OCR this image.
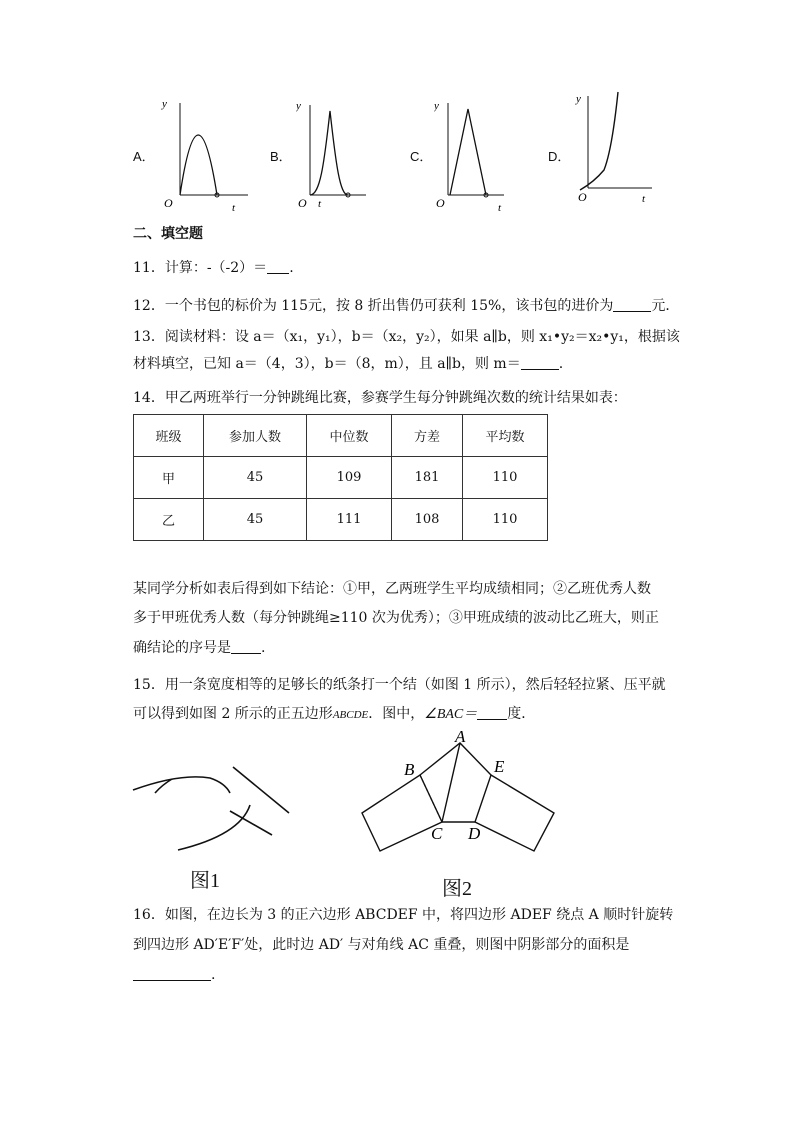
A．	B．	C．	D．
y
O	t
y
O t
y
O	t
y
O	t
二、填空题
11．计算：-（-2）＝ .
12．一个书包的标价为 115元，按 8 折出售仍可获利 15%，该书包的进价为	元．
13．阅读材料：设 a＝（x₁，y₁），b＝（x₂，y₂），如果 a∥b，则 x₁•y₂＝x₂•y₁，根据该
材料填空，已知 a＝（4，3），b＝（8，m），且 a∥b，则 m＝	.
14．甲乙两班举行一分钟跳绳比赛，参赛学生每分钟跳绳次数的统计结果如表：
班级	参加人数	中位数	方差	平均数
甲	45	109	181	110
乙	45	111	108	110
某同学分析如表后得到如下结论：①甲，乙两班学生平均成绩相同；②乙班优秀人数
多于甲班优秀人数（每分钟跳绳≥110 次为优秀）；③甲班成绩的波动比乙班大，则正
确结论的序号是 .
15．用一条宽度相等的足够长的纸条打一个结（如图 1 所示），然后轻轻拉紧、压平就
可以得到如图 2 所示的正五边形ABCDE．图中，∠BAC＝ 度．
图1
A
B
C D
E
图2
16．如图，在边长为 3 的正六边形 ABCDEF 中，将四边形 ADEF 绕点 A 顺时针旋转
到四边形 AD′E′F′处，此时边 AD′ 与对角线 AC 重叠，则图中阴影部分的面积是
.
